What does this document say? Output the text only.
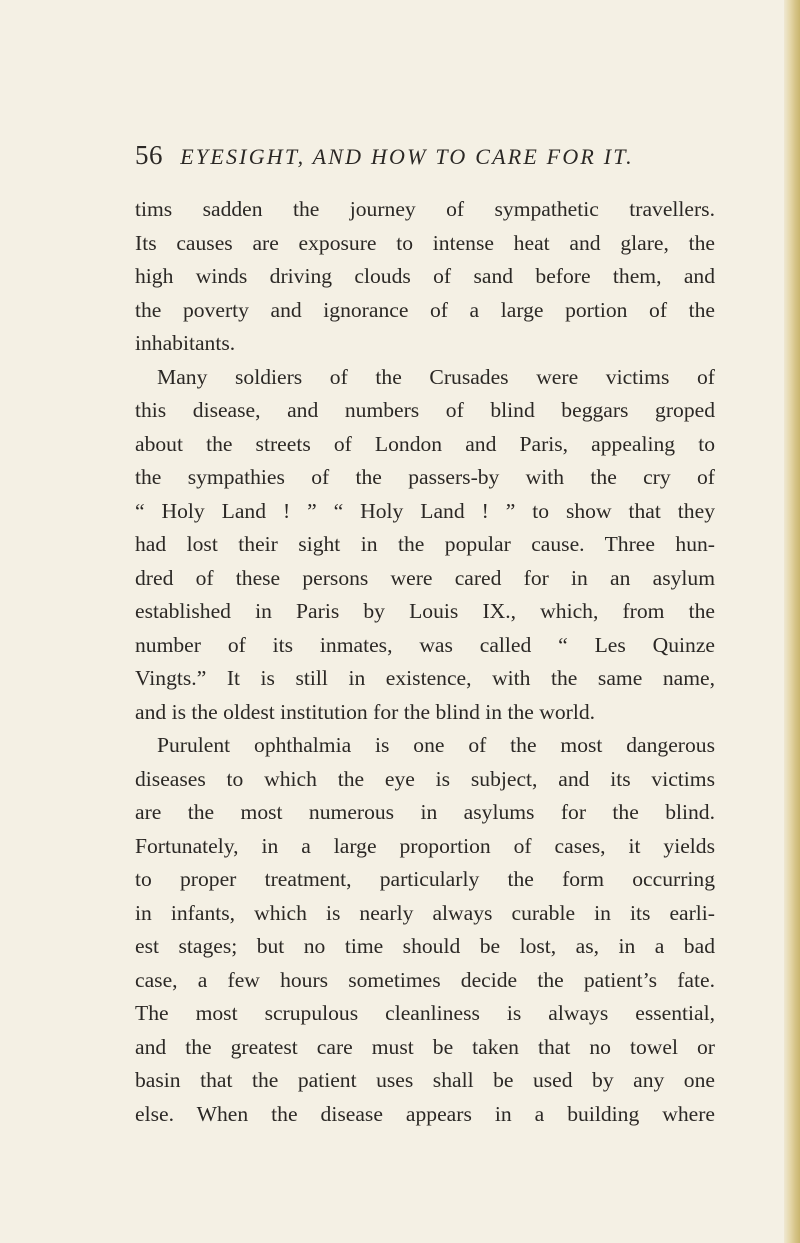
56 EYESIGHT, AND HOW TO CARE FOR IT.
tims sadden the journey of sympathetic travellers.
Its causes are exposure to intense heat and glare, the
high winds driving clouds of sand before them, and
the poverty and ignorance of a large portion of the
inhabitants.
Many soldiers of the Crusades were victims of
this disease, and numbers of blind beggars groped
about the streets of London and Paris, appealing to
the sympathies of the passers-by with the cry of
“ Holy Land ! ” “ Holy Land ! ” to show that they
had lost their sight in the popular cause. Three hun-
dred of these persons were cared for in an asylum
established in Paris by Louis IX., which, from the
number of its inmates, was called “ Les Quinze
Vingts.” It is still in existence, with the same name,
and is the oldest institution for the blind in the world.
Purulent ophthalmia is one of the most dangerous
diseases to which the eye is subject, and its victims
are the most numerous in asylums for the blind.
Fortunately, in a large proportion of cases, it yields
to proper treatment, particularly the form occurring
in infants, which is nearly always curable in its earli-
est stages; but no time should be lost, as, in a bad
case, a few hours sometimes decide the patient’s fate.
The most scrupulous cleanliness is always essential,
and the greatest care must be taken that no towel or
basin that the patient uses shall be used by any one
else. When the disease appears in a building where
